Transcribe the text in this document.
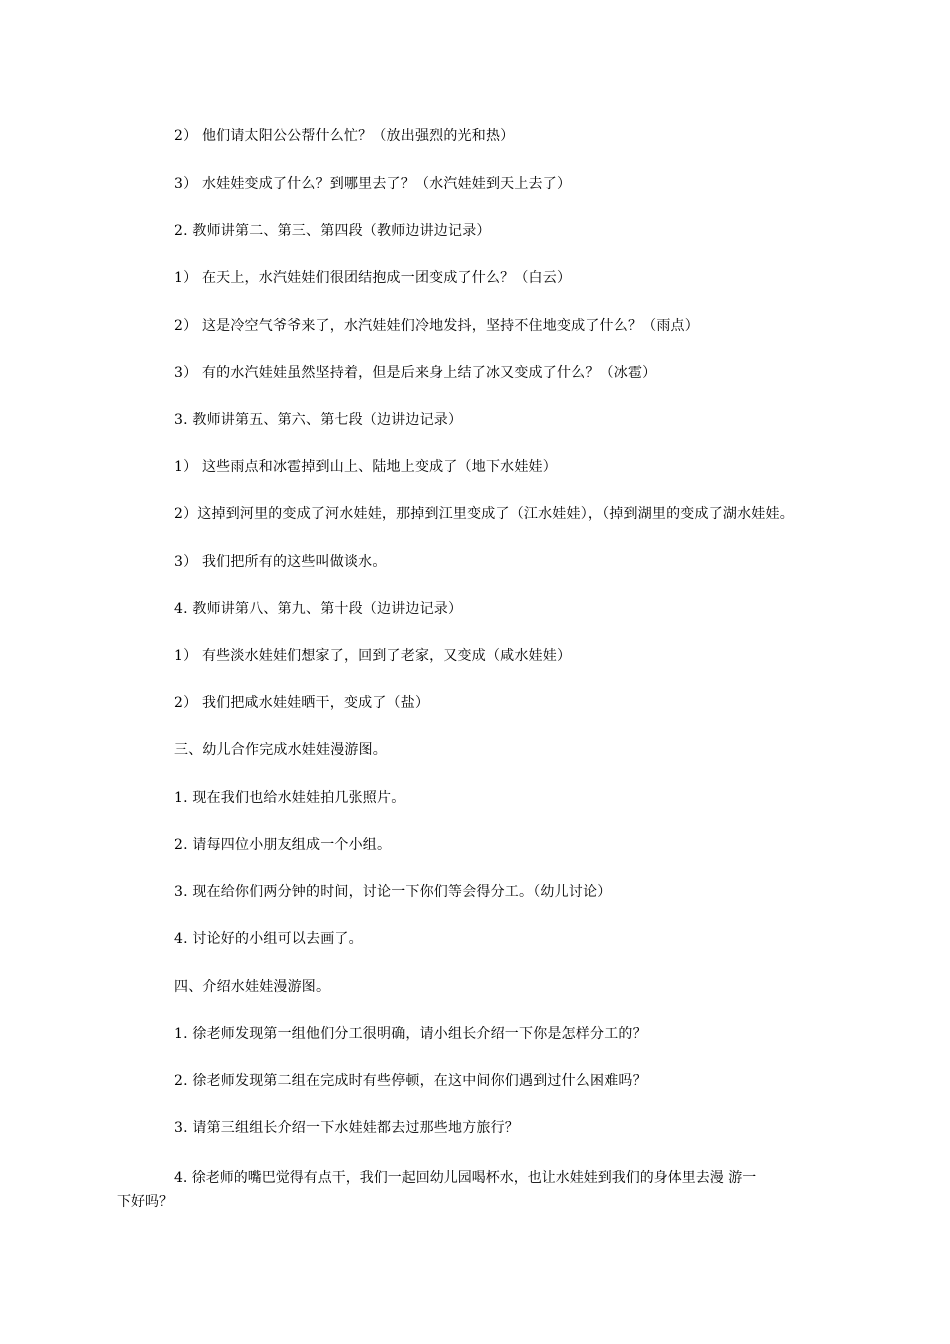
2） 他们请太阳公公帮什么忙？（放出强烈的光和热）

3） 水娃娃变成了什么？到哪里去了？（水汽娃娃到天上去了）

2. 教师讲第二、第三、第四段（教师边讲边记录）

1） 在天上，水汽娃娃们很团结抱成一团变成了什么？（白云）

2） 这是冷空气爷爷来了，水汽娃娃们冷地发抖，坚持不住地变成了什么？（雨点）

3） 有的水汽娃娃虽然坚持着，但是后来身上结了冰又变成了什么？（冰雹）

3. 教师讲第五、第六、第七段（边讲边记录）

1） 这些雨点和冰雹掉到山上、陆地上变成了（地下水娃娃）

2）这掉到河里的变成了河水娃娃，那掉到江里变成了（江水娃娃），（掉到湖里的变成了湖水娃娃。

3） 我们把所有的这些叫做谈水。

4. 教师讲第八、第九、第十段（边讲边记录）

1） 有些淡水娃娃们想家了，回到了老家，又变成（咸水娃娃）

2） 我们把咸水娃娃晒干，变成了（盐）

三、幼儿合作完成水娃娃漫游图。

1. 现在我们也给水娃娃拍几张照片。

2. 请每四位小朋友组成一个小组。

3. 现在给你们两分钟的时间，讨论一下你们等会得分工。（幼儿讨论）

4. 讨论好的小组可以去画了。

四、介绍水娃娃漫游图。

1. 徐老师发现第一组他们分工很明确，请小组长介绍一下你是怎样分工的？

2. 徐老师发现第二组在完成时有些停顿，在这中间你们遇到过什么困难吗？

3. 请第三组组长介绍一下水娃娃都去过那些地方旅行？

4. 徐老师的嘴巴觉得有点干，我们一起回幼儿园喝杯水，也让水娃娃到我们的身体里去漫 游一
下好吗？
